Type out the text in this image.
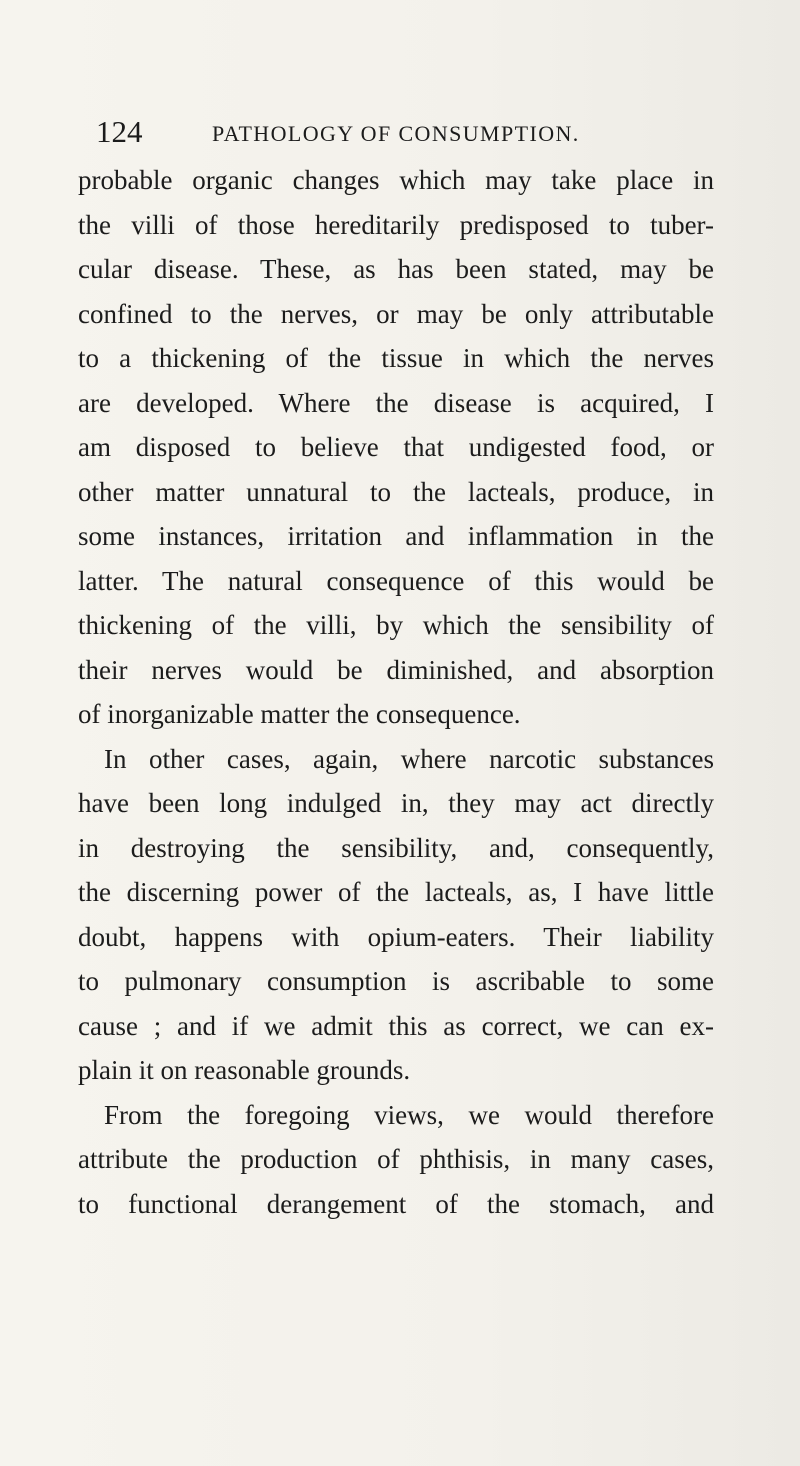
124	PATHOLOGY OF CONSUMPTION.
probable organic changes which may take place in
the villi of those hereditarily predisposed to tuber-
cular disease. These, as has been stated, may be
confined to the nerves, or may be only attributable
to a thickening of the tissue in which the nerves
are developed. Where the disease is acquired, I
am disposed to believe that undigested food, or
other matter unnatural to the lacteals, produce, in
some instances, irritation and inflammation in the
latter. The natural consequence of this would be
thickening of the villi, by which the sensibility of
their nerves would be diminished, and absorption
of inorganizable matter the consequence.
In other cases, again, where narcotic substances
have been long indulged in, they may act directly
in destroying the sensibility, and, consequently,
the discerning power of the lacteals, as, I have little
doubt, happens with opium-eaters. Their liability
to pulmonary consumption is ascribable to some
cause ; and if we admit this as correct, we can ex-
plain it on reasonable grounds.
From the foregoing views, we would therefore
attribute the production of phthisis, in many cases,
to functional derangement of the stomach, and
